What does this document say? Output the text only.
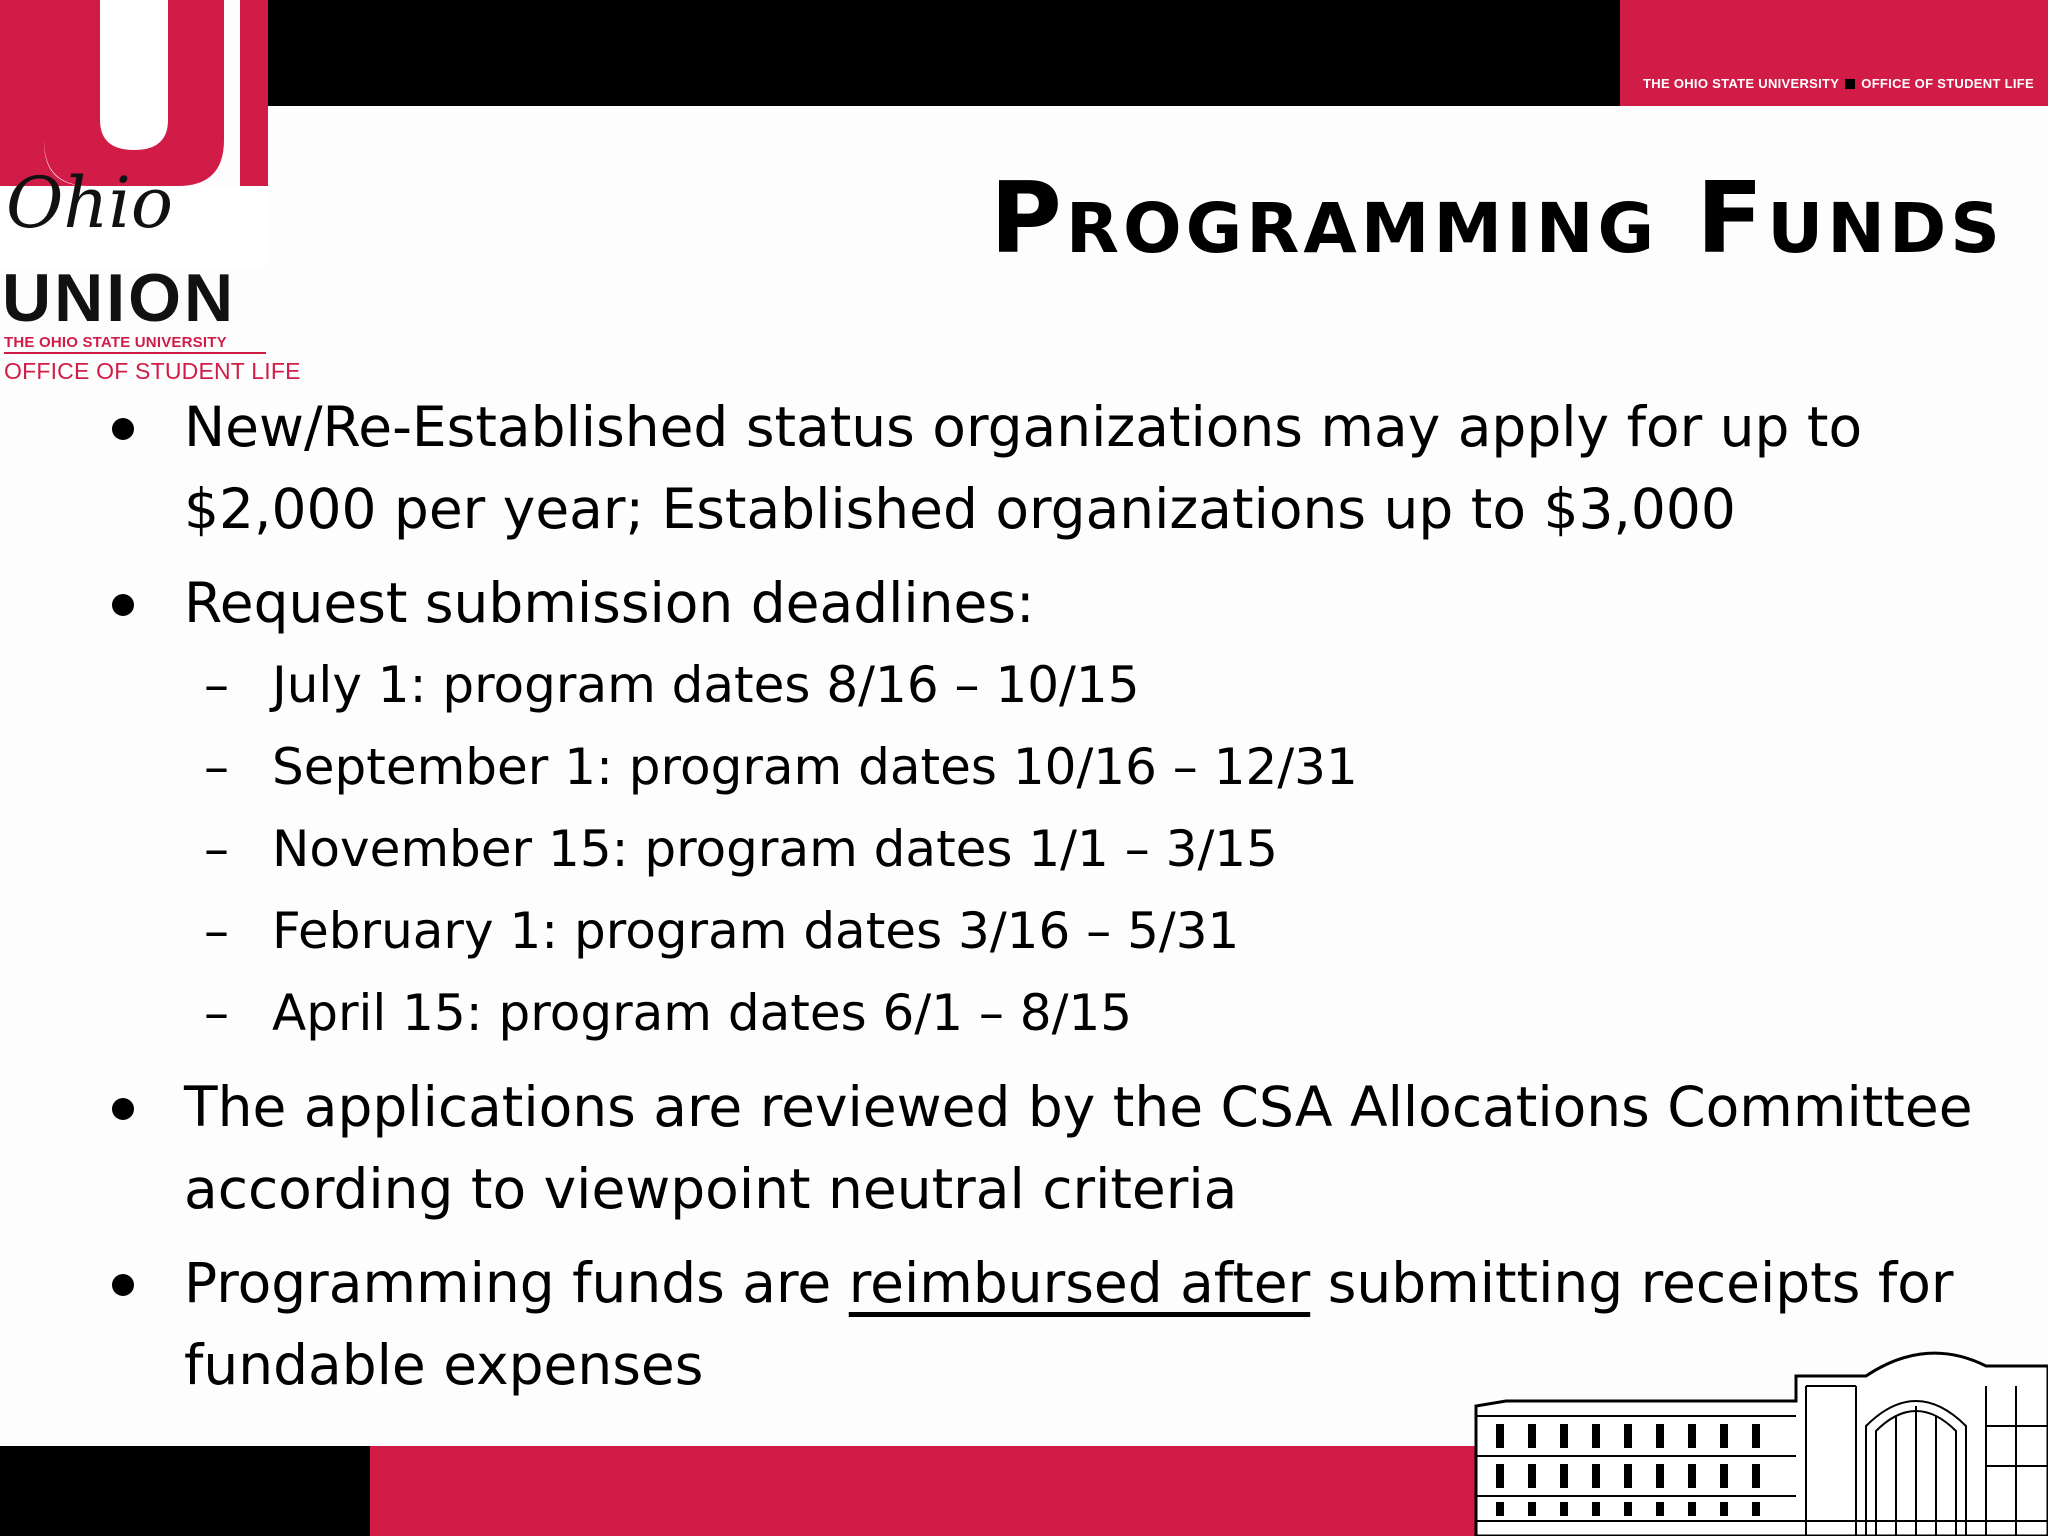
THE OHIO STATE UNIVERSITY OFFICE OF STUDENT LIFE
Ohio
UNION
THE OHIO STATE UNIVERSITY
OFFICE OF STUDENT LIFE
Programming Funds
New/Re-Established status organizations may apply for up to $2,000 per year; Established organizations up to $3,000
Request submission deadlines:
– July 1: program dates 8/16 – 10/15
– September 1: program dates 10/16 – 12/31
– November 15: program dates 1/1 – 3/15
– February 1: program dates 3/16 – 5/31
– April 15: program dates 6/1 – 8/15
The applications are reviewed by the CSA Allocations Committee according to viewpoint neutral criteria
Programming funds are reimbursed after submitting receipts for fundable expenses
